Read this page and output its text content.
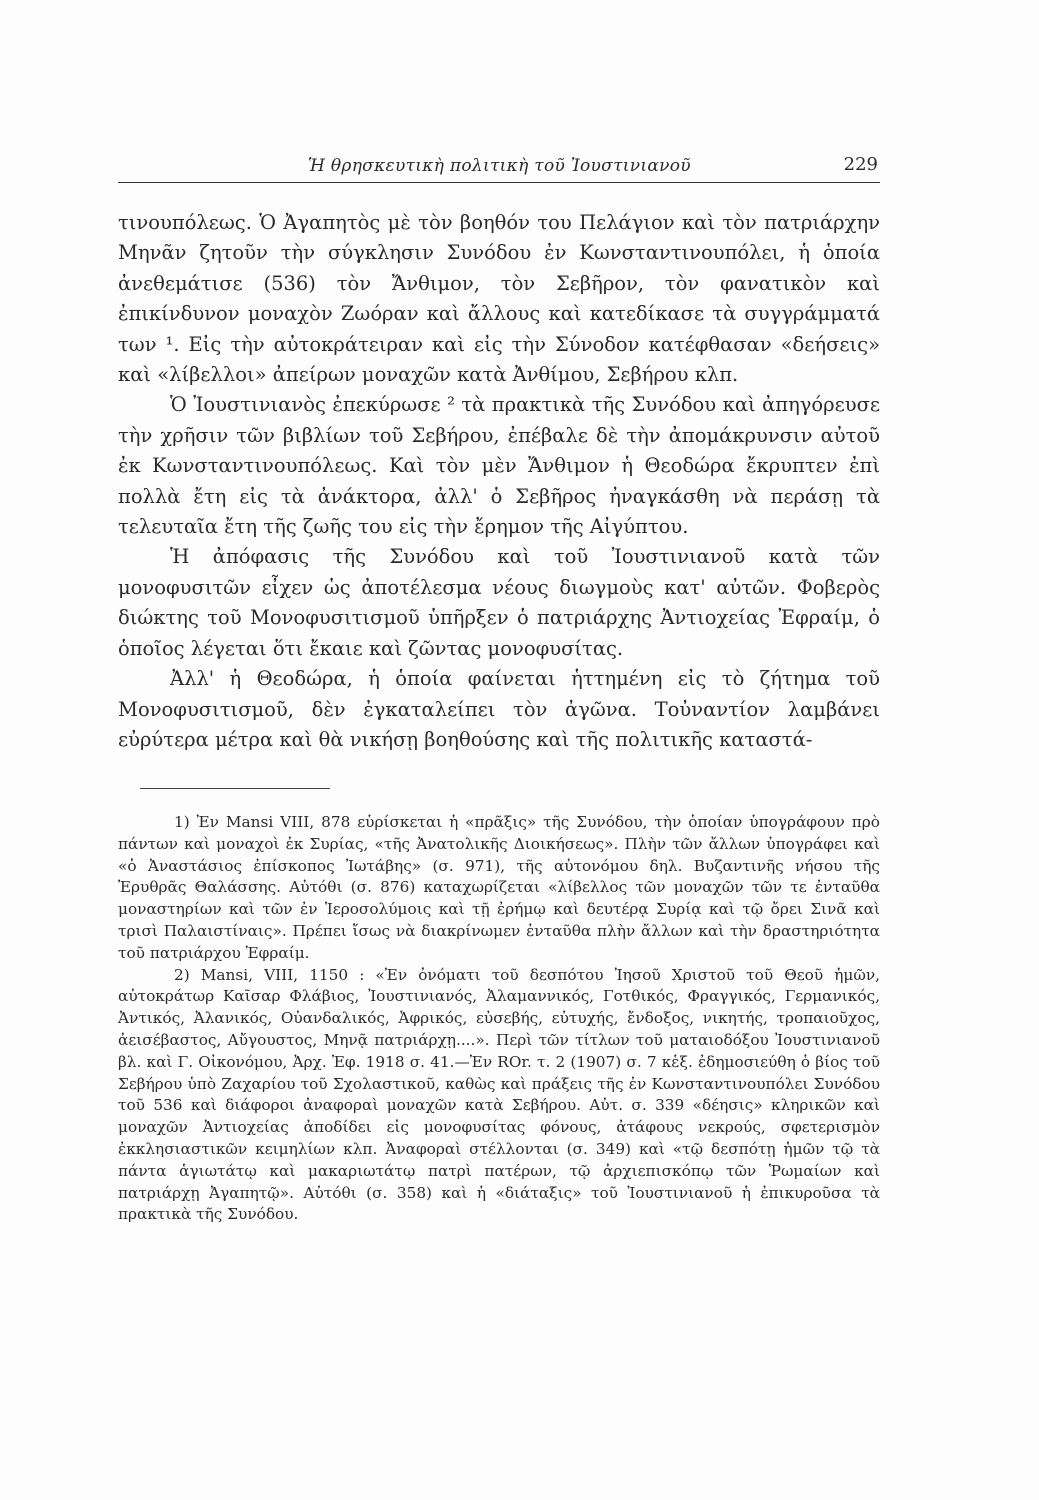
Ἡ θρησκευτικὴ πολιτικὴ τοῦ Ἰουστινιανοῦ	229

τινουπόλεως. Ὁ Ἀγαπητὸς μὲ τὸν βοηθόν του Πελάγιον καὶ τὸν πατριάρχην Μηνᾶν ζητοῦν τὴν σύγκλησιν Συνόδου ἐν Κωνσταντινουπόλει, ἡ ὁποία ἀνεθεμάτισε (536) τὸν Ἄνθιμον, τὸν Σεβῆρον, τὸν φανατικὸν καὶ ἐπικίνδυνον μοναχὸν Ζωόραν καὶ ἄλλους καὶ κατεδίκασε τὰ συγγράμματά των ¹. Εἰς τὴν αὐτοκράτειραν καὶ εἰς τὴν Σύνοδον κατέφθασαν «δεήσεις» καὶ «λίβελλοι» ἀπείρων μοναχῶν κατὰ Ἀνθίμου, Σεβήρου κλπ.

Ὁ Ἰουστινιανὸς ἐπεκύρωσε ² τὰ πρακτικὰ τῆς Συνόδου καὶ ἀπηγόρευσε τὴν χρῆσιν τῶν βιβλίων τοῦ Σεβήρου, ἐπέβαλε δὲ τὴν ἀπομάκρυνσιν αὐτοῦ ἐκ Κωνσταντινουπόλεως. Καὶ τὸν μὲν Ἄνθιμον ἡ Θεοδώρα ἔκρυπτεν ἐπὶ πολλὰ ἔτη εἰς τὰ ἀνάκτορα, ἀλλ' ὁ Σεβῆρος ἠναγκάσθη νὰ περάσῃ τὰ τελευταῖα ἔτη τῆς ζωῆς του εἰς τὴν ἔρημον τῆς Αἰγύπτου.

Ἡ ἀπόφασις τῆς Συνόδου καὶ τοῦ Ἰουστινιανοῦ κατὰ τῶν μονοφυσιτῶν εἶχεν ὡς ἀποτέλεσμα νέους διωγμοὺς κατ' αὐτῶν. Φοβερὸς διώκτης τοῦ Μονοφυσιτισμοῦ ὑπῆρξεν ὁ πατριάρχης Ἀντιοχείας Ἐφραίμ, ὁ ὁποῖος λέγεται ὅτι ἔκαιε καὶ ζῶντας μονοφυσίτας.

Ἀλλ' ἡ Θεοδώρα, ἡ ὁποία φαίνεται ἡττημένη εἰς τὸ ζήτημα τοῦ Μονοφυσιτισμοῦ, δὲν ἐγκαταλείπει τὸν ἀγῶνα. Τοὐναντίον λαμβάνει εὐρύτερα μέτρα καὶ θὰ νικήσῃ βοηθούσης καὶ τῆς πολιτικῆς καταστά-

1) Ἐν Mansi VIII, 878 εὑρίσκεται ἡ «πρᾶξις» τῆς Συνόδου, τὴν ὁποίαν ὑπογράφουν πρὸ πάντων καὶ μοναχοὶ ἐκ Συρίας, «τῆς Ἀνατολικῆς Διοικήσεως». Πλὴν τῶν ἄλλων ὑπογράφει καὶ «ὁ Ἀναστάσιος ἐπίσκοπος Ἰωτάβης» (σ. 971), τῆς αὐτονόμου δηλ. Βυζαντινῆς νήσου τῆς Ἐρυθρᾶς Θαλάσσης. Αὐτόθι (σ. 876) καταχωρίζεται «λίβελλος τῶν μοναχῶν τῶν τε ἐνταῦθα μοναστηρίων καὶ τῶν ἐν Ἱεροσολύμοις καὶ τῇ ἐρήμῳ καὶ δευτέρᾳ Συρίᾳ καὶ τῷ ὄρει Σινᾶ καὶ τρισὶ Παλαιστίναις». Πρέπει ἴσως νὰ διακρίνωμεν ἐνταῦθα πλὴν ἄλλων καὶ τὴν δραστηριότητα τοῦ πατριάρχου Ἐφραίμ.

2) Mansi, VIII, 1150 : «Ἐν ὀνόματι τοῦ δεσπότου Ἰησοῦ Χριστοῦ τοῦ Θεοῦ ἡμῶν, αὐτοκράτωρ Καῖσαρ Φλάβιος, Ἰουστινιανός, Ἀλαμαννικός, Γοτθικός, Φραγγικός, Γερμανικός, Ἀντικός, Ἀλανικός, Οὐανδαλικός, Ἀφρικός, εὐσεβής, εὐτυχής, ἔνδοξος, νικητής, τροπαιοῦχος, ἀεισέβαστος, Αὔγουστος, Μηνᾷ πατριάρχῃ....». Περὶ τῶν τίτλων τοῦ ματαιοδόξου Ἰουστινιανοῦ βλ. καὶ Γ. Οἰκονόμου, Ἀρχ. Ἐφ. 1918 σ. 41.—Ἐν ROr. τ. 2 (1907) σ. 7 κἑξ. ἐδημοσιεύθη ὁ βίος τοῦ Σεβήρου ὑπὸ Ζαχαρίου τοῦ Σχολαστικοῦ, καθὼς καὶ πράξεις τῆς ἐν Κωνσταντινουπόλει Συνόδου τοῦ 536 καὶ διάφοροι ἀναφοραὶ μοναχῶν κατὰ Σεβήρου. Αὐτ. σ. 339 «δέησις» κληρικῶν καὶ μοναχῶν Ἀντιοχείας ἀποδίδει εἰς μονοφυσίτας φόνους, ἀτάφους νεκρούς, σφετερισμὸν ἐκκλησιαστικῶν κειμηλίων κλπ. Ἀναφοραὶ στέλλονται (σ. 349) καὶ «τῷ δεσπότῃ ἡμῶν τῷ τὰ πάντα ἁγιωτάτῳ καὶ μακαριωτάτῳ πατρὶ πατέρων, τῷ ἀρχιεπισκόπῳ τῶν Ῥωμαίων καὶ πατριάρχῃ Ἀγαπητῷ». Αὐτόθι (σ. 358) καὶ ἡ «διάταξις» τοῦ Ἰουστινιανοῦ ἡ ἐπικυροῦσα τὰ πρακτικὰ τῆς Συνόδου.
